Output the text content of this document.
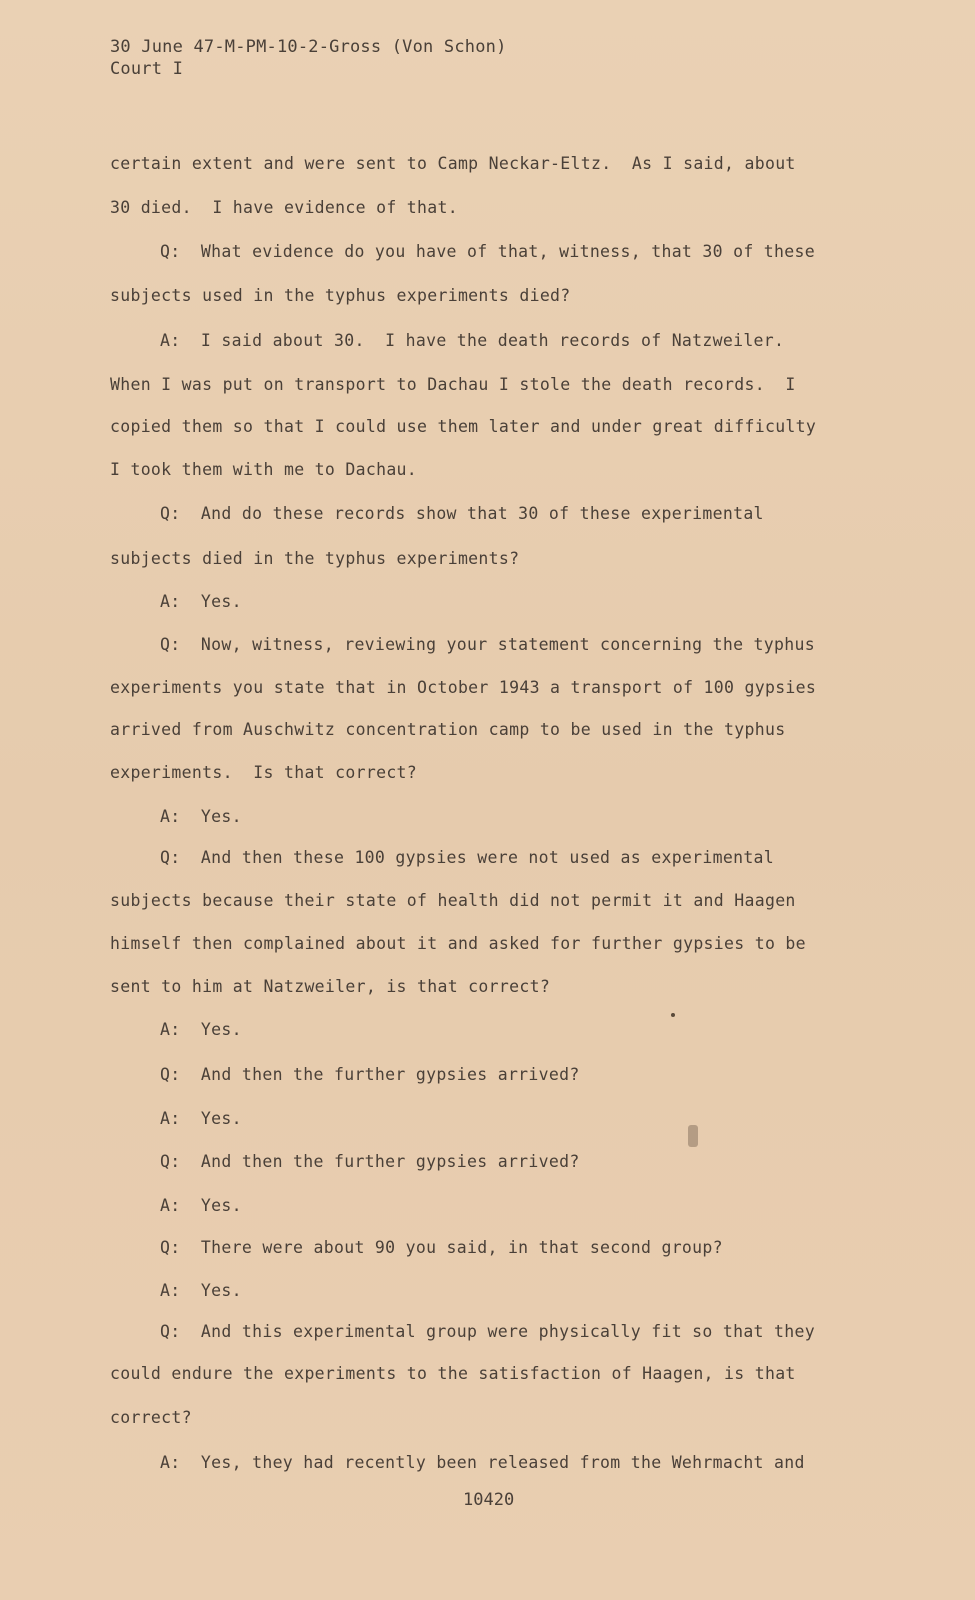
30 June 47-M-PM-10-2-Gross (Von Schon)
Court I
certain extent and were sent to Camp Neckar-Eltz.  As I said, about
30 died.  I have evidence of that.
Q:  What evidence do you have of that, witness, that 30 of these
subjects used in the typhus experiments died?
A:  I said about 30.  I have the death records of Natzweiler.
When I was put on transport to Dachau I stole the death records.  I
copied them so that I could use them later and under great difficulty
I took them with me to Dachau.
Q:  And do these records show that 30 of these experimental
subjects died in the typhus experiments?
A:  Yes.
Q:  Now, witness, reviewing your statement concerning the typhus
experiments you state that in October 1943 a transport of 100 gypsies
arrived from Auschwitz concentration camp to be used in the typhus
experiments.  Is that correct?
A:  Yes.
Q:  And then these 100 gypsies were not used as experimental
subjects because their state of health did not permit it and Haagen
himself then complained about it and asked for further gypsies to be
sent to him at Natzweiler, is that correct?
A:  Yes.
Q:  And then the further gypsies arrived?
A:  Yes.
Q:  And then the further gypsies arrived?
A:  Yes.
Q:  There were about 90 you said, in that second group?
A:  Yes.
Q:  And this experimental group were physically fit so that they
could endure the experiments to the satisfaction of Haagen, is that
correct?
A:  Yes, they had recently been released from the Wehrmacht and
10420
